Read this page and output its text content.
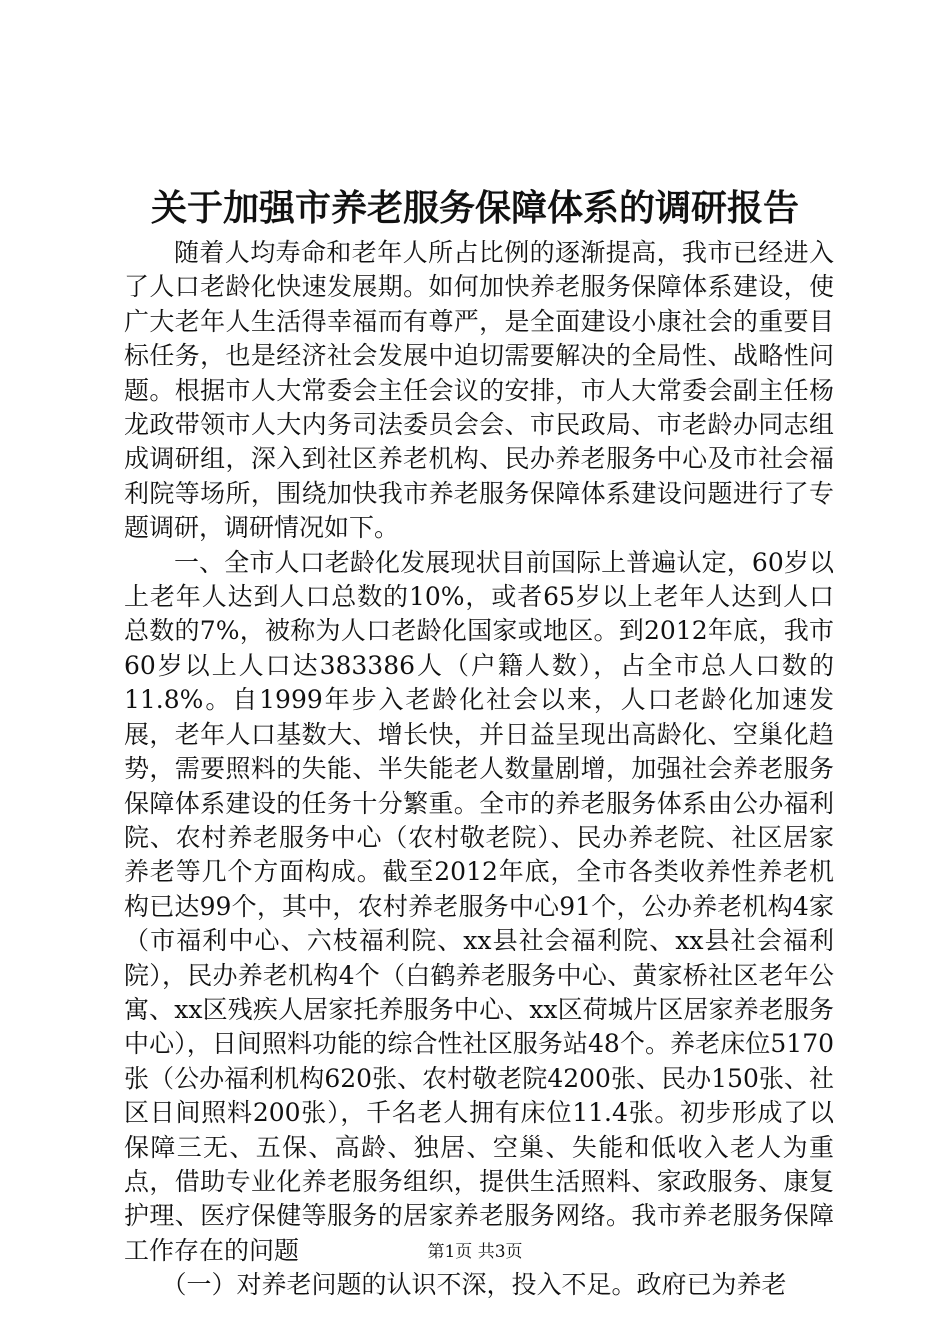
关于加强市养老服务保障体系的调研报告

随着人均寿命和老年人所占比例的逐渐提高，我市已经进入了人口老龄化快速发展期。如何加快养老服务保障体系建设，使广大老年人生活得幸福而有尊严，是全面建设小康社会的重要目标任务，也是经济社会发展中迫切需要解决的全局性、战略性问题。根据市人大常委会主任会议的安排，市人大常委会副主任杨龙政带领市人大内务司法委员会会、市民政局、市老龄办同志组成调研组，深入到社区养老机构、民办养老服务中心及市社会福利院等场所，围绕加快我市养老服务保障体系建设问题进行了专题调研，调研情况如下。

一、全市人口老龄化发展现状目前国际上普遍认定，60岁以上老年人达到人口总数的10%，或者65岁以上老年人达到人口总数的7%，被称为人口老龄化国家或地区。到2012年底，我市60岁以上人口达383386人（户籍人数），占全市总人口数的11.8%。自1999年步入老龄化社会以来，人口老龄化加速发展，老年人口基数大、增长快，并日益呈现出高龄化、空巢化趋势，需要照料的失能、半失能老人数量剧增，加强社会养老服务保障体系建设的任务十分繁重。全市的养老服务体系由公办福利院、农村养老服务中心（农村敬老院）、民办养老院、社区居家养老等几个方面构成。截至2012年底，全市各类收养性养老机构已达99个，其中，农村养老服务中心91个，公办养老机构4家（市福利中心、六枝福利院、xx县社会福利院、xx县社会福利院），民办养老机构4个（白鹤养老服务中心、黄家桥社区老年公寓、xx区残疾人居家托养服务中心、xx区荷城片区居家养老服务中心），日间照料功能的综合性社区服务站48个。养老床位5170张（公办福利机构620张、农村敬老院4200张、民办150张、社区日间照料200张），千名老人拥有床位11.4张。初步形成了以保障三无、五保、高龄、独居、空巢、失能和低收入老人为重点，借助专业化养老服务组织，提供生活照料、家政服务、康复护理、医疗保健等服务的居家养老服务网络。我市养老服务保障工作存在的问题

（一）对养老问题的认识不深，投入不足。政府已为养老

第1页 共3页
